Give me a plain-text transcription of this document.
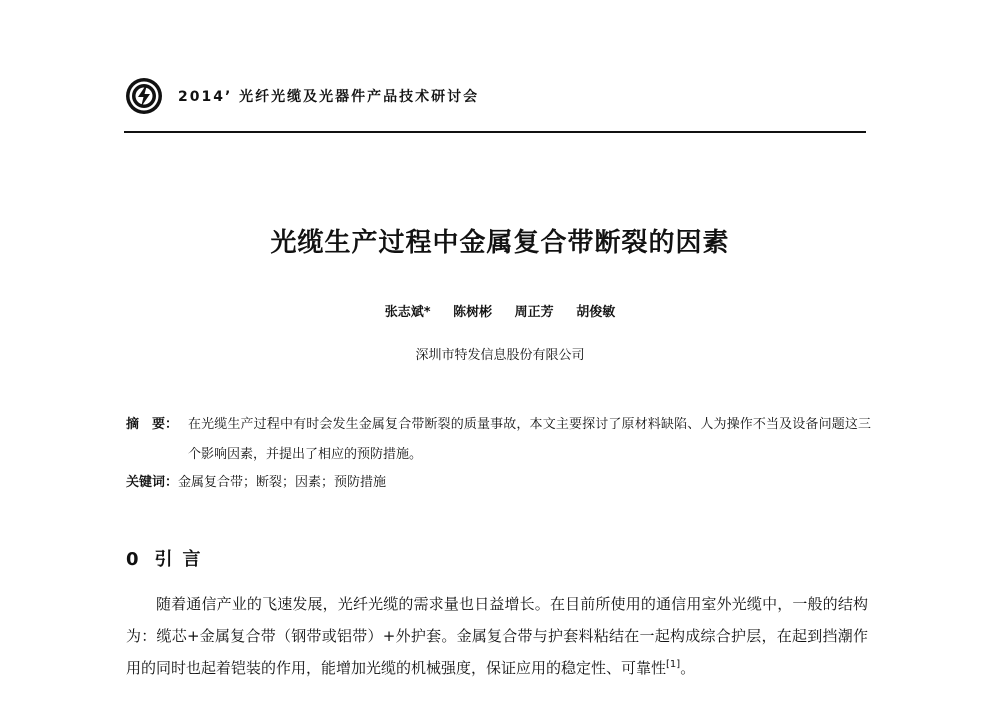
2014’ 光纤光缆及光器件产品技术研讨会
光缆生产过程中金属复合带断裂的因素
张志斌* 陈树彬 周正芳 胡俊敏
深圳市特发信息股份有限公司
摘　要： 在光缆生产过程中有时会发生金属复合带断裂的质量事故，本文主要探讨了原材料缺陷、人为操作不当及设备问题这三个影响因素，并提出了相应的预防措施。
关键词：金属复合带；断裂；因素；预防措施
0 引言
随着通信产业的飞速发展，光纤光缆的需求量也日益增长。在目前所使用的通信用室外光缆中，一般的结构为：缆芯+金属复合带（钢带或铝带）+外护套。金属复合带与护套料粘结在一起构成综合护层，在起到挡潮作用的同时也起着铠装的作用，能增加光缆的机械强度，保证应用的稳定性、可靠性[1]。
